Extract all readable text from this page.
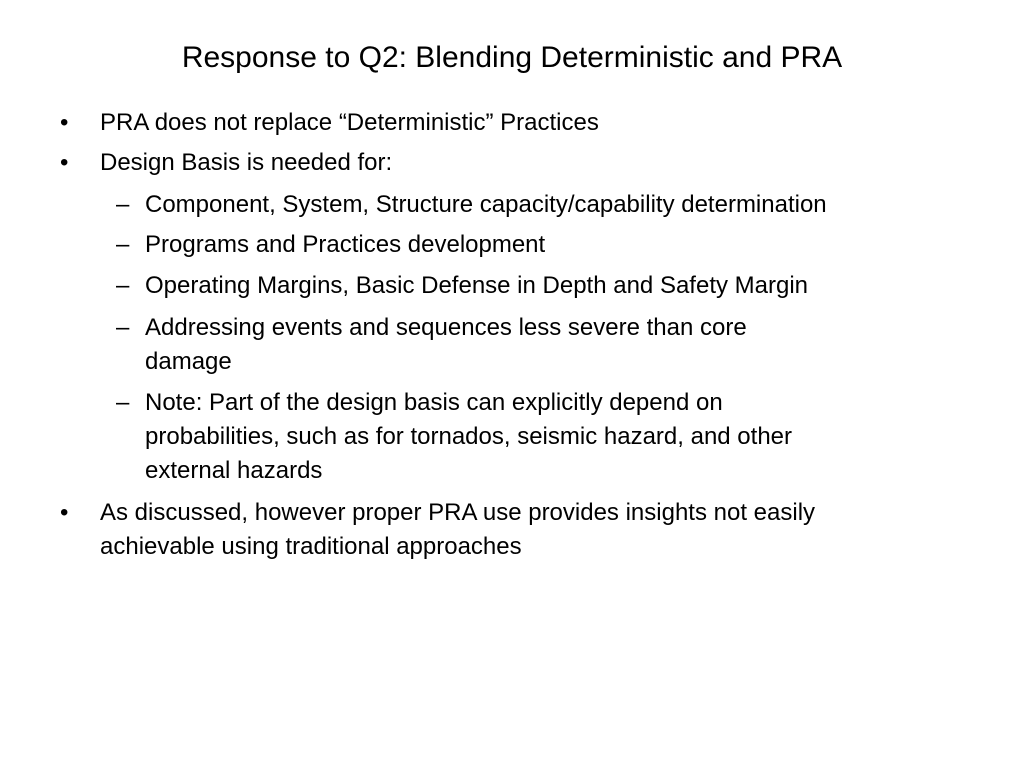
Response to Q2: Blending Deterministic and PRA
• PRA does not replace “Deterministic” Practices
• Design Basis is needed for:
– Component, System, Structure capacity/capability determination
– Programs and Practices development
– Operating Margins, Basic Defense in Depth and Safety Margin
– Addressing events and sequences less severe than core
damage
– Note: Part of the design basis can explicitly depend on
probabilities, such as for tornados, seismic hazard, and other
external hazards
• As discussed, however proper PRA use provides insights not easily
achievable using traditional approaches
